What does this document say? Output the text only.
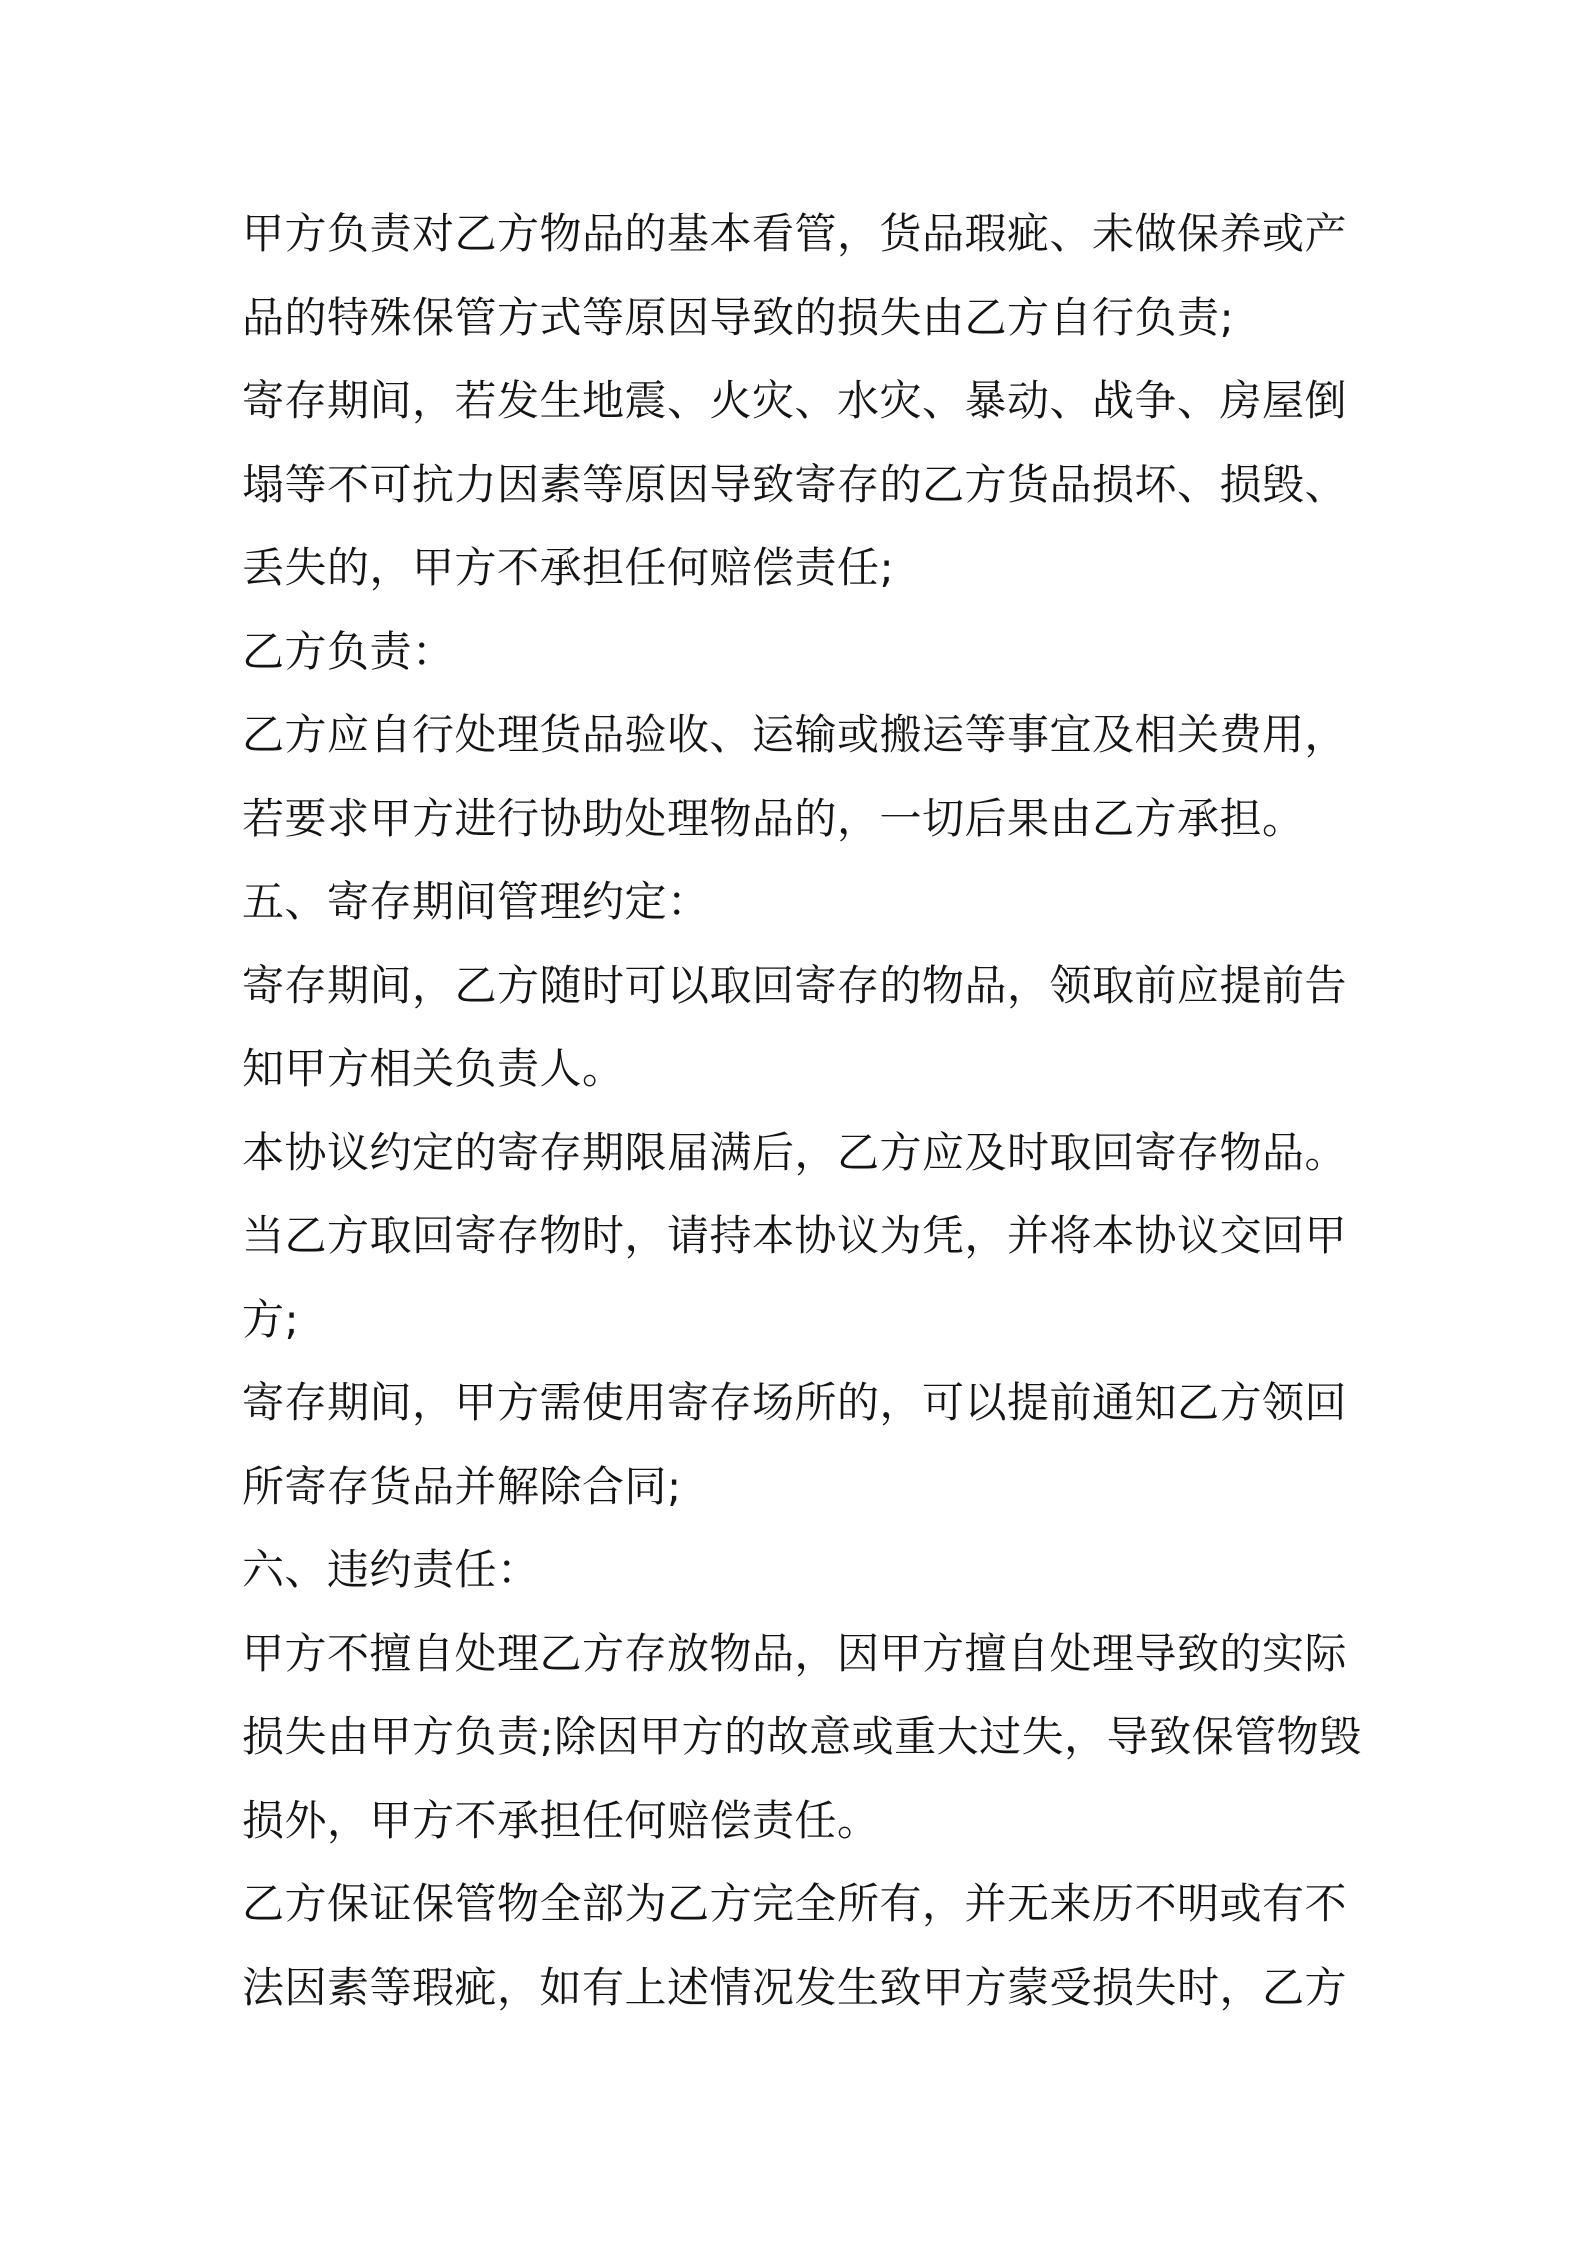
甲方负责对乙方物品的基本看管，货品瑕疵、未做保养或产
品的特殊保管方式等原因导致的损失由乙方自行负责;

寄存期间，若发生地震、火灾、水灾、暴动、战争、房屋倒
塌等不可抗力因素等原因导致寄存的乙方货品损坏、损毁、
丢失的，甲方不承担任何赔偿责任;

乙方负责：

乙方应自行处理货品验收、运输或搬运等事宜及相关费用，
若要求甲方进行协助处理物品的，一切后果由乙方承担。

五、寄存期间管理约定：

寄存期间，乙方随时可以取回寄存的物品，领取前应提前告
知甲方相关负责人。

本协议约定的寄存期限届满后，乙方应及时取回寄存物品。

当乙方取回寄存物时，请持本协议为凭，并将本协议交回甲
方;

寄存期间，甲方需使用寄存场所的，可以提前通知乙方领回
所寄存货品并解除合同;

六、违约责任：

甲方不擅自处理乙方存放物品，因甲方擅自处理导致的实际
损失由甲方负责;除因甲方的故意或重大过失，导致保管物毁
损外，甲方不承担任何赔偿责任。

乙方保证保管物全部为乙方完全所有，并无来历不明或有不
法因素等瑕疵，如有上述情况发生致甲方蒙受损失时，乙方
